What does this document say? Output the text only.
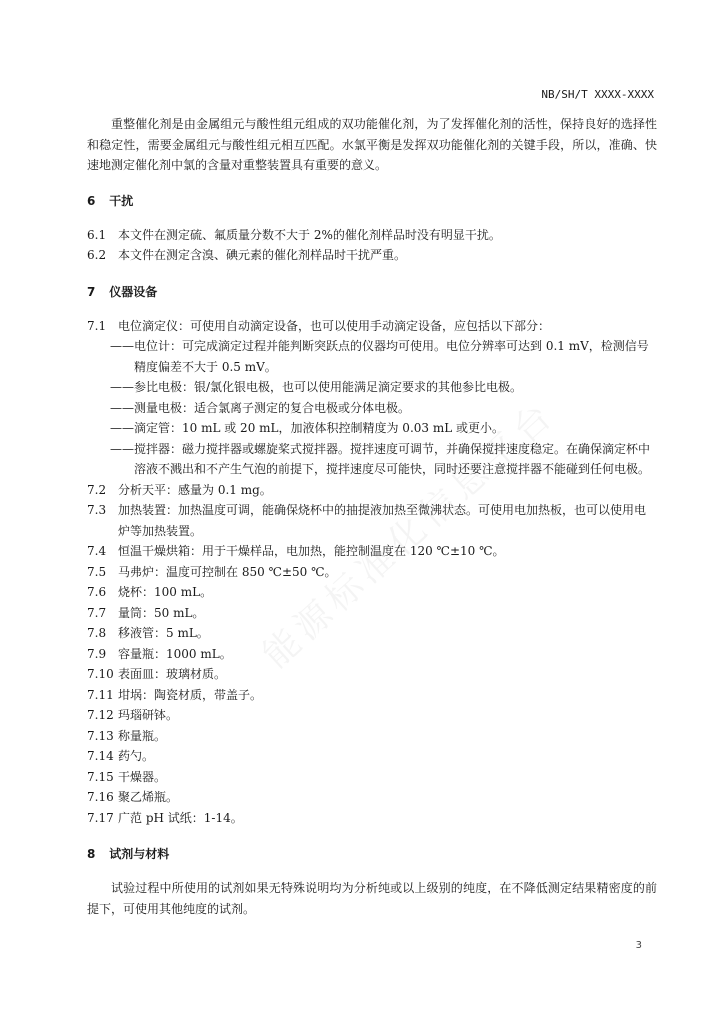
NB/SH/T XXXX-XXXX

重整催化剂是由金属组元与酸性组元组成的双功能催化剂，为了发挥催化剂的活性，保持良好的选择性和稳定性，需要金属组元与酸性组元相互匹配。水氯平衡是发挥双功能催化剂的关键手段，所以，准确、快速地测定催化剂中氯的含量对重整装置具有重要的意义。

6 干扰
6.1 本文件在测定硫、氟质量分数不大于 2%的催化剂样品时没有明显干扰。
6.2 本文件在测定含溴、碘元素的催化剂样品时干扰严重。
7 仪器设备
7.1 电位滴定仪：可使用自动滴定设备，也可以使用手动滴定设备，应包括以下部分：
—— 电位计：可完成滴定过程并能判断突跃点的仪器均可使用。电位分辨率可达到 0.1 mV，检测信号精度偏差不大于 0.5 mV。
—— 参比电极：银/氯化银电极，也可以使用能满足滴定要求的其他参比电极。
—— 测量电极：适合氯离子测定的复合电极或分体电极。
—— 滴定管：10 mL 或 20 mL，加液体积控制精度为 0.03 mL 或更小。
—— 搅拌器：磁力搅拌器或螺旋桨式搅拌器。搅拌速度可调节，并确保搅拌速度稳定。在确保滴定杯中溶液不溅出和不产生气泡的前提下，搅拌速度尽可能快，同时还要注意搅拌器不能碰到任何电极。
7.2 分析天平：感量为 0.1 mg。
7.3 加热装置：加热温度可调，能确保烧杯中的抽提液加热至微沸状态。可使用电加热板，也可以使用电炉等加热装置。
7.4 恒温干燥烘箱：用于干燥样品，电加热，能控制温度在 120 ℃±10 ℃。
7.5 马弗炉：温度可控制在 850 ℃±50 ℃。
7.6 烧杯：100 mL。
7.7 量筒：50 mL。
7.8 移液管：5 mL。
7.9 容量瓶：1000 mL。
7.10 表面皿：玻璃材质。
7.11 坩埚：陶瓷材质，带盖子。
7.12 玛瑙研钵。
7.13 称量瓶。
7.14 药勺。
7.15 干燥器。
7.16 聚乙烯瓶。
7.17 广范 pH 试纸：1-14。
8 试剂与材料

试验过程中所使用的试剂如果无特殊说明均为分析纯或以上级别的纯度，在不降低测定结果精密度的前提下，可使用其他纯度的试剂。

3
